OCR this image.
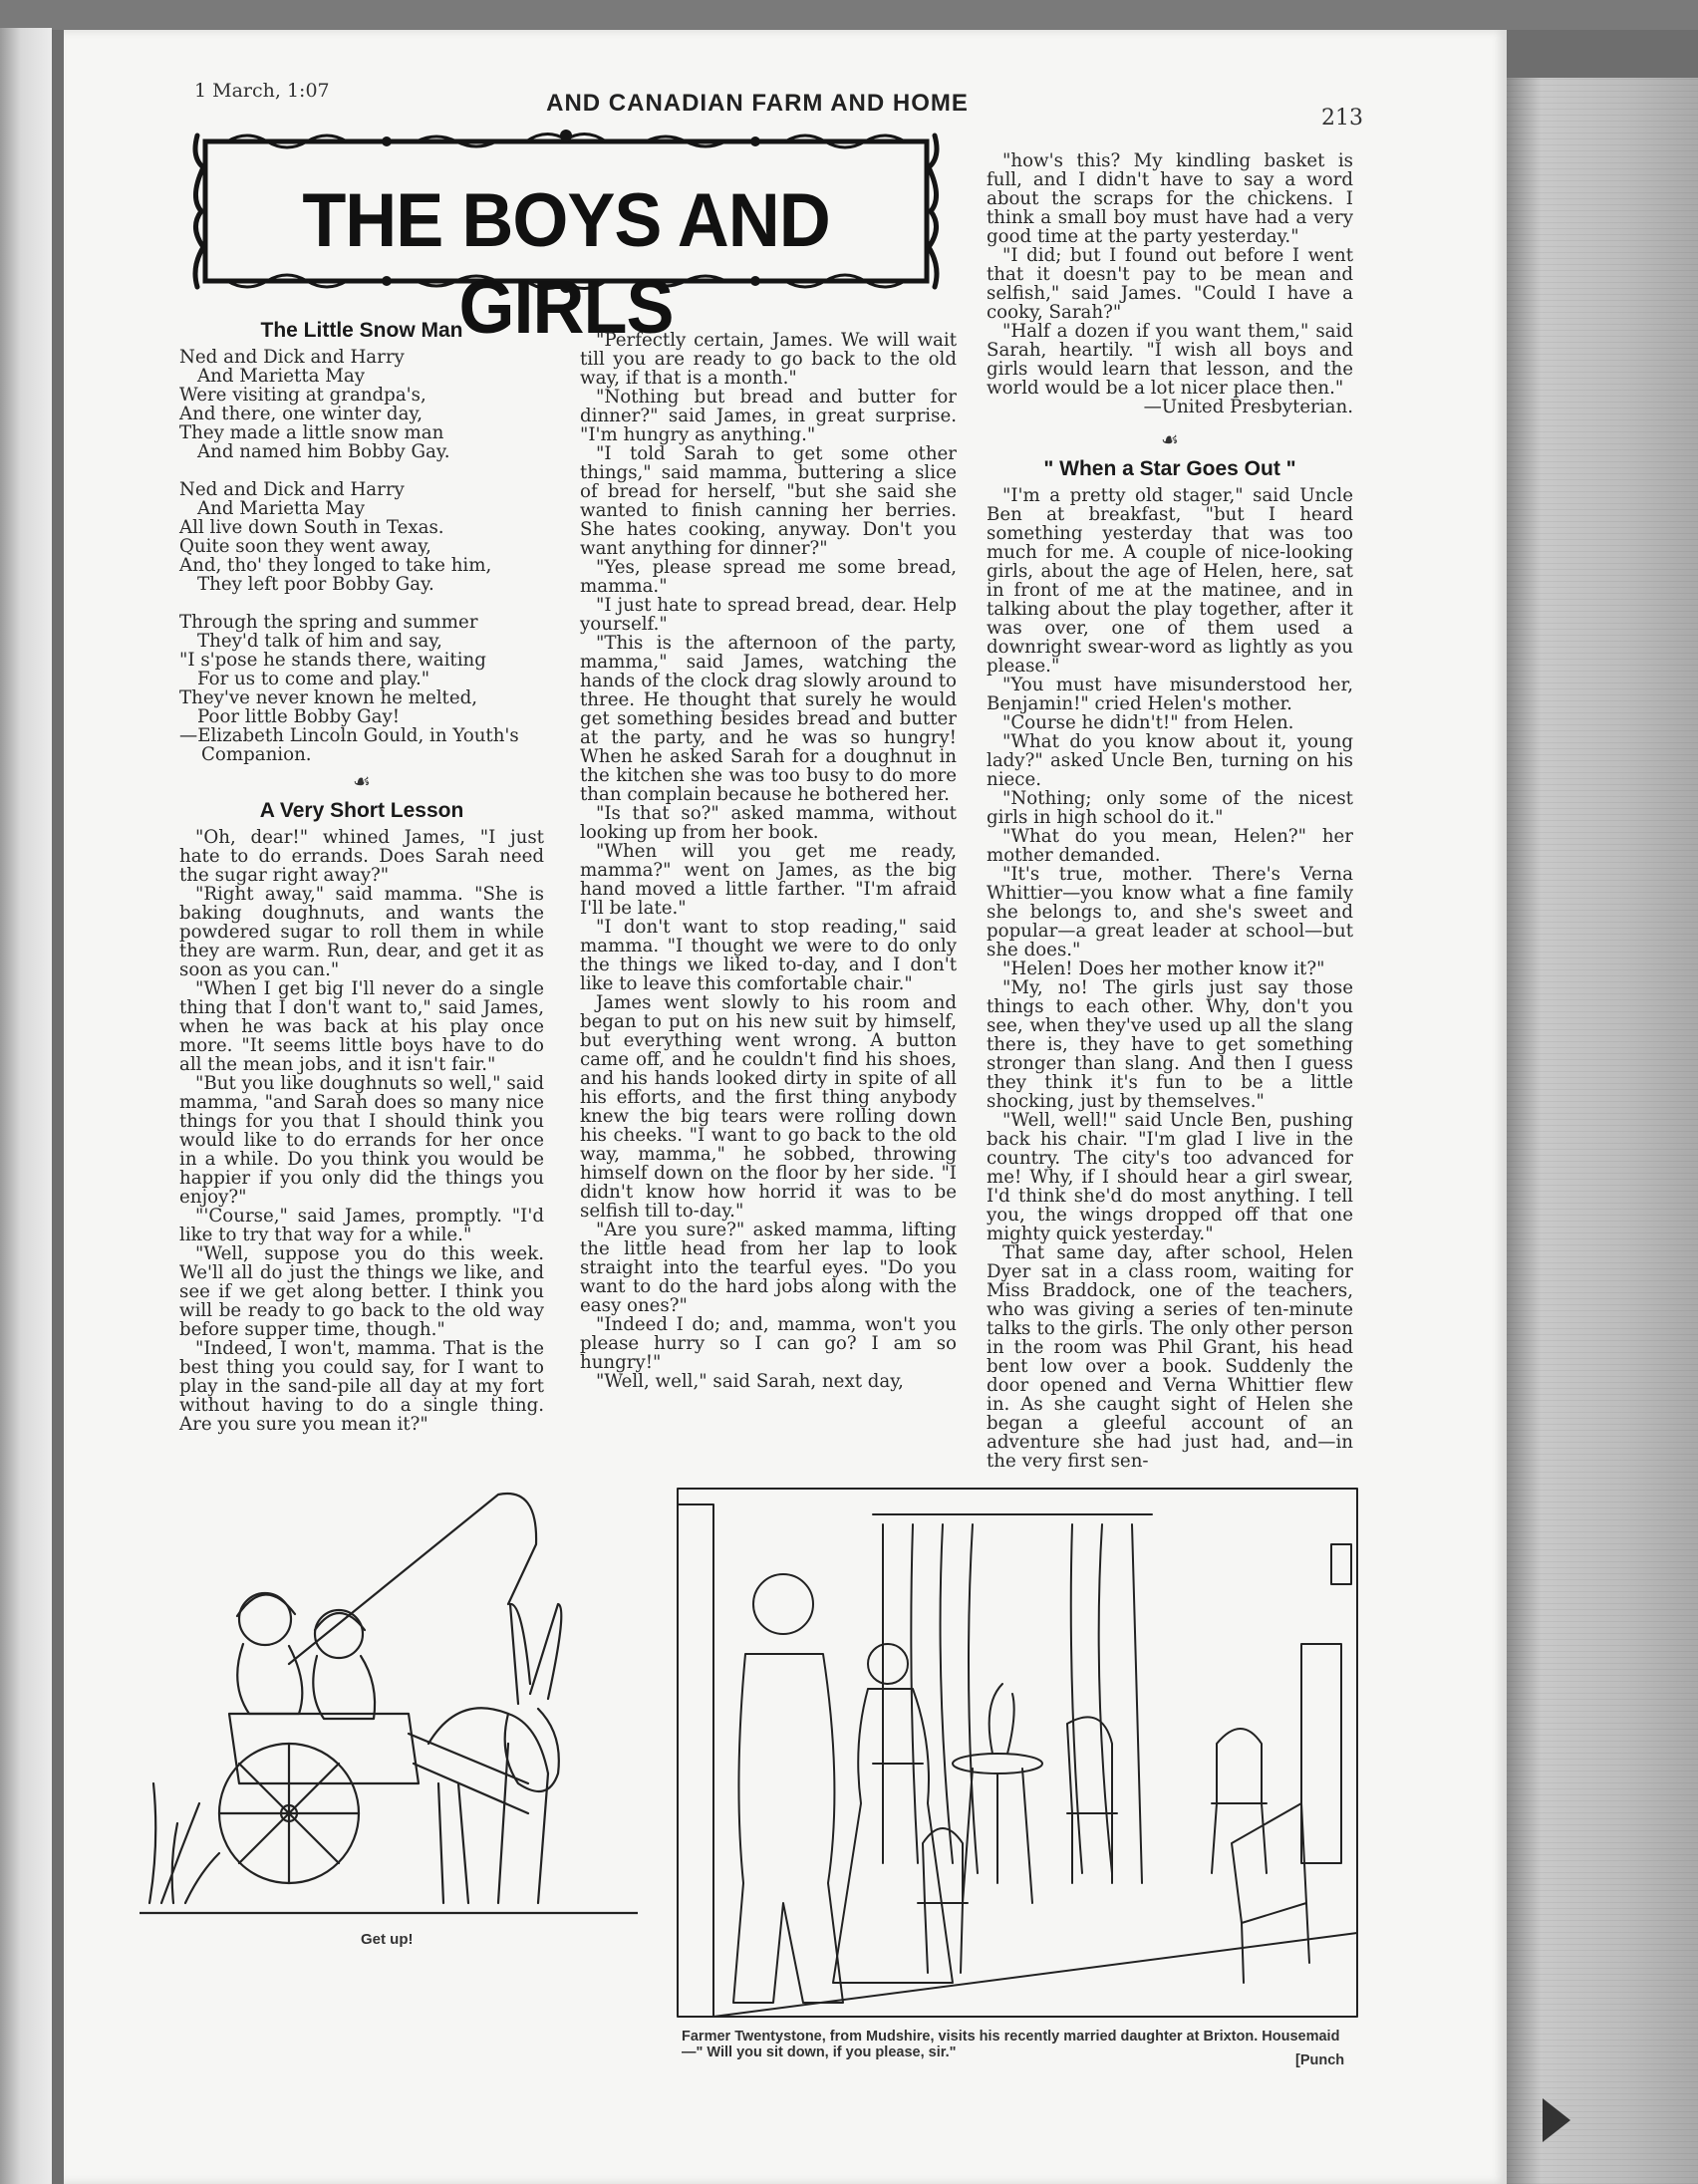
1 March, 1:07	AND CANADIAN FARM AND HOME
213
THE BOYS AND GIRLS
The Little Snow Man
Ned and Dick and Harry
And Marietta May
Were visiting at grandpa's,
And there, one winter day,
They made a little snow man
And named him Bobby Gay.
Ned and Dick and Harry
And Marietta May
All live down South in Texas.
Quite soon they went away,
And, tho' they longed to take him,
They left poor Bobby Gay.
Through the spring and summer
They'd talk of him and say,
"I s'pose he stands there, waiting
For us to come and play."
They've never known he melted,
Poor little Bobby Gay!
—Elizabeth Lincoln Gould, in Youth's
Companion.
☙
A Very Short Lesson

"Oh, dear!" whined James, "I just hate to do errands. Does Sarah need the sugar right away?"

"Right away," said mamma. "She is baking doughnuts, and wants the powdered sugar to roll them in while they are warm. Run, dear, and get it as soon as you can."

"When I get big I'll never do a single thing that I don't want to," said James, when he was back at his play once more. "It seems little boys have to do all the mean jobs, and it isn't fair."

"But you like doughnuts so well," said mamma, "and Sarah does so many nice things for you that I should think you would like to do errands for her once in a while. Do you think you would be happier if you only did the things you enjoy?"

"'Course," said James, promptly. "I'd like to try that way for a while."

"Well, suppose you do this week. We'll all do just the things we like, and see if we get along better. I think you will be ready to go back to the old way before supper time, though."

"Indeed, I won't, mamma. That is the best thing you could say, for I want to play in the sand-pile all day at my fort without having to do a single thing. Are you sure you mean it?"

"Perfectly certain, James. We will wait till you are ready to go back to the old way, if that is a month."

"Nothing but bread and butter for dinner?" said James, in great surprise. "I'm hungry as anything."

"I told Sarah to get some other things," said mamma, buttering a slice of bread for herself, "but she said she wanted to finish canning her berries. She hates cooking, anyway. Don't you want anything for dinner?"

"Yes, please spread me some bread, mamma."

"I just hate to spread bread, dear. Help yourself."

"This is the afternoon of the party, mamma," said James, watching the hands of the clock drag slowly around to three. He thought that surely he would get something besides bread and butter at the party, and he was so hungry! When he asked Sarah for a doughnut in the kitchen she was too busy to do more than complain because he bothered her.

"Is that so?" asked mamma, without looking up from her book.

"When will you get me ready, mamma?" went on James, as the big hand moved a little farther. "I'm afraid I'll be late."

"I don't want to stop reading," said mamma. "I thought we were to do only the things we liked to-day, and I don't like to leave this comfortable chair."

James went slowly to his room and began to put on his new suit by himself, but everything went wrong. A button came off, and he couldn't find his shoes, and his hands looked dirty in spite of all his efforts, and the first thing anybody knew the big tears were rolling down his cheeks. "I want to go back to the old way, mamma," he sobbed, throwing himself down on the floor by her side. "I didn't know how horrid it was to be selfish till to-day."

"Are you sure?" asked mamma, lifting the little head from her lap to look straight into the tearful eyes. "Do you want to do the hard jobs along with the easy ones?"

"Indeed I do; and, mamma, won't you please hurry so I can go? I am so hungry!"

"Well, well," said Sarah, next day,

"how's this? My kindling basket is full, and I didn't have to say a word about the scraps for the chickens. I think a small boy must have had a very good time at the party yesterday."

"I did; but I found out before I went that it doesn't pay to be mean and selfish," said James. "Could I have a cooky, Sarah?"

"Half a dozen if you want them," said Sarah, heartily. "I wish all boys and girls would learn that lesson, and the world would be a lot nicer place then."

—United Presbyterian.
☙
" When a Star Goes Out "

"I'm a pretty old stager," said Uncle Ben at breakfast, "but I heard something yesterday that was too much for me. A couple of nice-looking girls, about the age of Helen, here, sat in front of me at the matinee, and in talking about the play together, after it was over, one of them used a downright swear-word as lightly as you please."

"You must have misunderstood her, Benjamin!" cried Helen's mother.

"Course he didn't!" from Helen.

"What do you know about it, young lady?" asked Uncle Ben, turning on his niece.

"Nothing; only some of the nicest girls in high school do it."

"What do you mean, Helen?" her mother demanded.

"It's true, mother. There's Verna Whittier—you know what a fine family she belongs to, and she's sweet and popular—a great leader at school—but she does."

"Helen! Does her mother know it?"

"My, no! The girls just say those things to each other. Why, don't you see, when they've used up all the slang there is, they have to get something stronger than slang. And then I guess they think it's fun to be a little shocking, just by themselves."

"Well, well!" said Uncle Ben, pushing back his chair. "I'm glad I live in the country. The city's too advanced for me! Why, if I should hear a girl swear, I'd think she'd do most anything. I tell you, the wings dropped off that one mighty quick yesterday."

That same day, after school, Helen Dyer sat in a class room, waiting for Miss Braddock, one of the teachers, who was giving a series of ten-minute talks to the girls. The only other person in the room was Phil Grant, his head bent low over a book. Suddenly the door opened and Verna Whittier flew in. As she caught sight of Helen she began a gleeful account of an adventure she had just had, and—in the very first sen-

Get up!
Farmer Twentystone, from Mudshire, visits his recently married daughter at Brixton. Housemaid—" Will you sit down, if you please, sir."	[Punch
